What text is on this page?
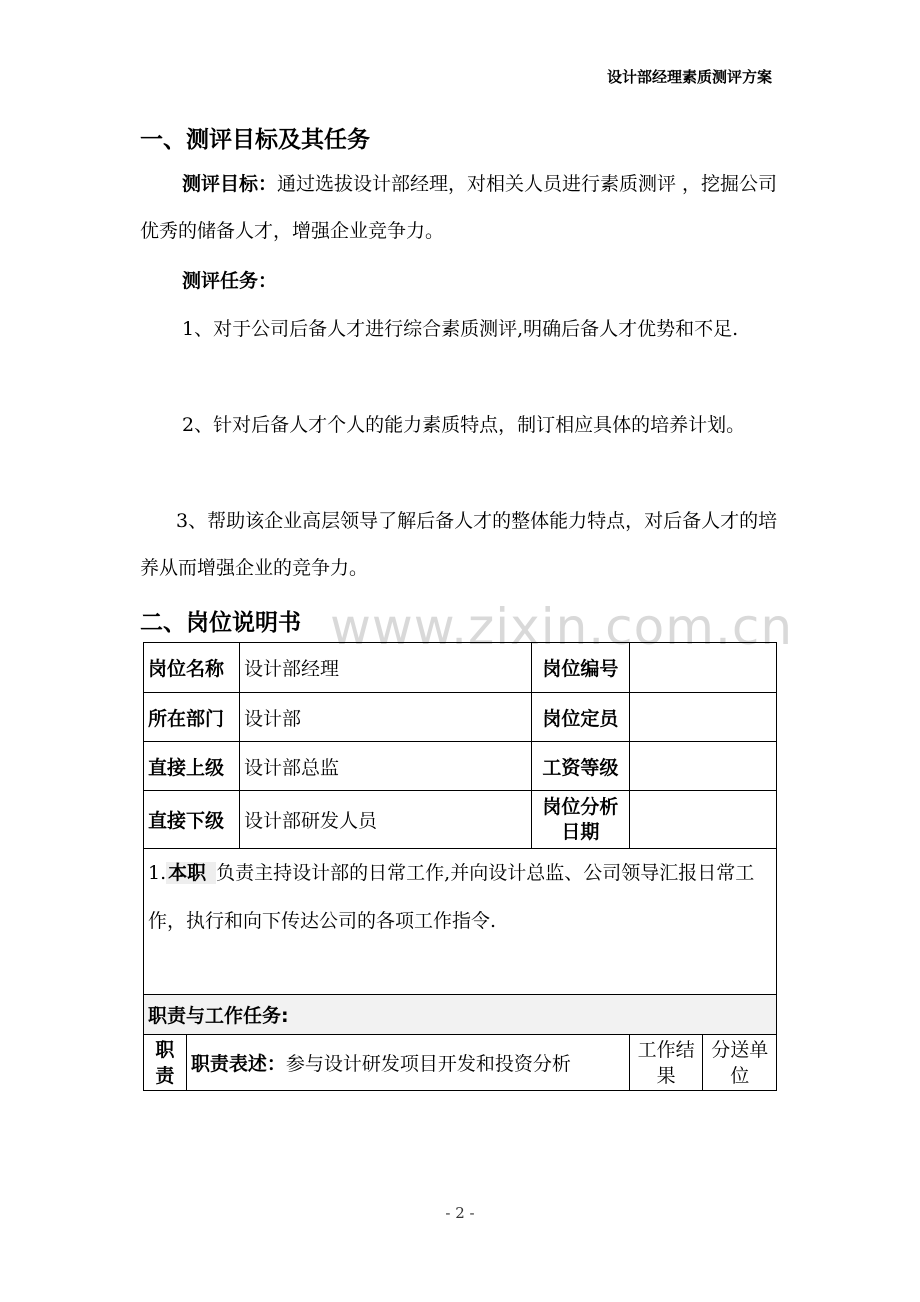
设计部经理素质测评方案
一、测评目标及其任务
测评目标：通过选拔设计部经理，对相关人员进行素质测评 ，挖掘公司优秀的储备人才，增强企业竞争力。
测评任务：
1、对于公司后备人才进行综合素质测评,明确后备人才优势和不足.
2、针对后备人才个人的能力素质特点，制订相应具体的培养计划。
3、帮助该企业高层领导了解后备人才的整体能力特点，对后备人才的培养从而增强企业的竞争力。
二、岗位说明书 www.zixin.com.cn
岗位名称		设计部经理	岗位编号		
所在部门		设计部	岗位定员		
直接上级		设计部总监	工资等级		
直接下级		设计部研发人员	岗位分析日期		

1. 本职 负责主持设计部的日常工作,并向设计总监、公司领导汇报日常工作，执行和向下传达公司的各项工作指令.					

职责与工作任务:					
职责	职责表述：参与设计研发项目开发和投资分析			工作结果	分送单位
- 2 -
